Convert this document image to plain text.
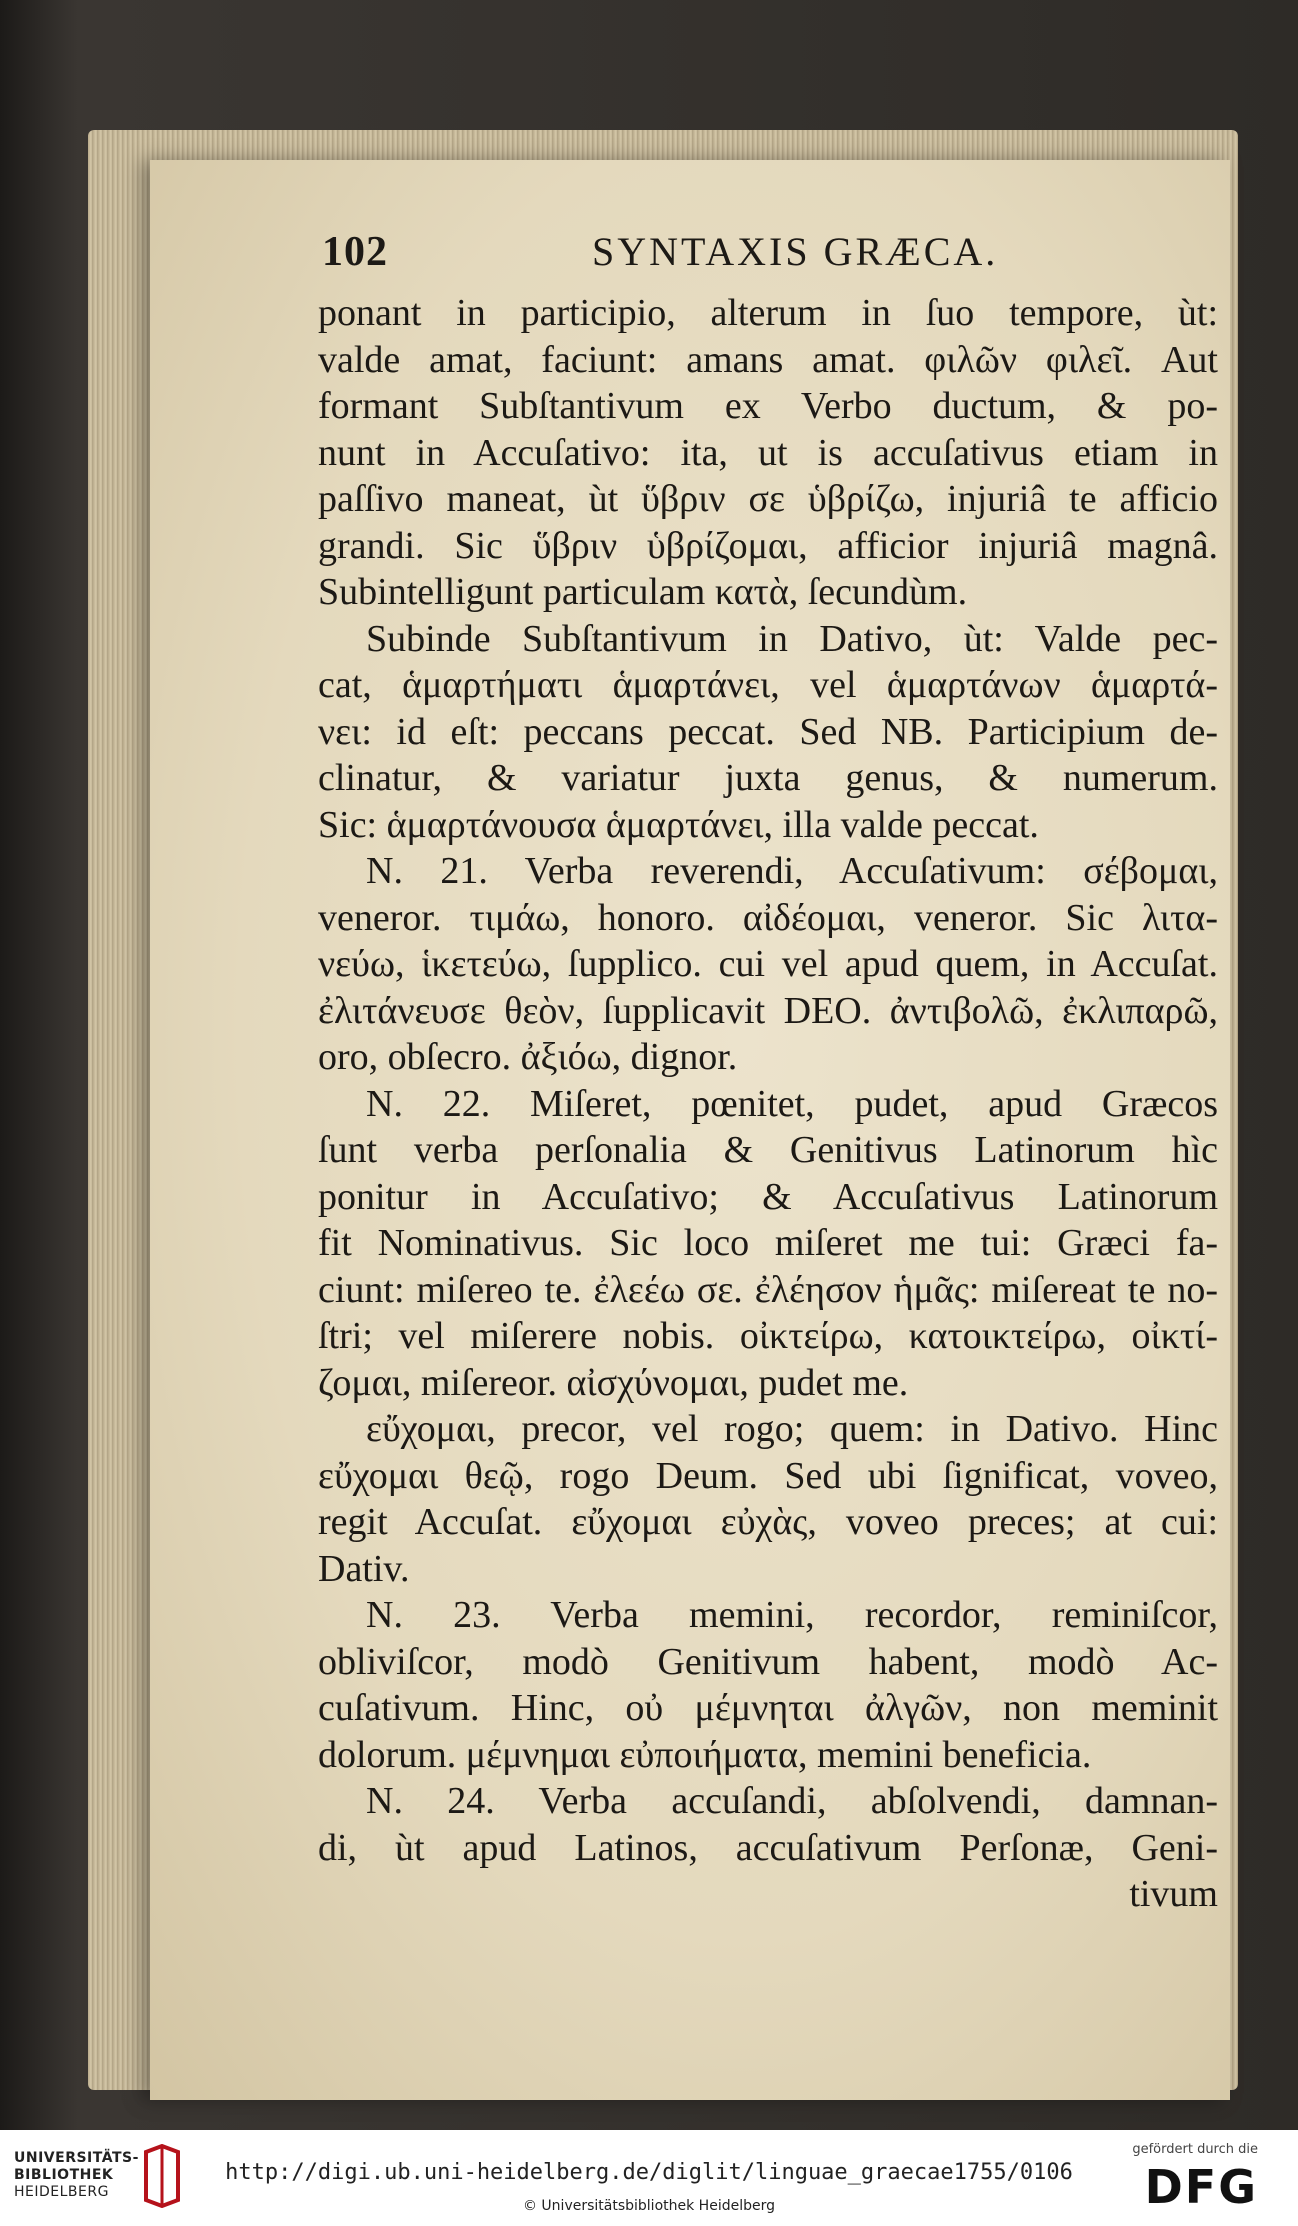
102	SYNTAXIS GRÆCA.
ponant in participio, alterum in ſuo tempore, ùt:
valde amat, faciunt: amans amat. φιλῶν φιλεῖ. Aut
formant Subſtantivum ex Verbo ductum, & po-
nunt in Accuſativo: ita, ut is accuſativus etiam in
paſſivo maneat, ùt ὕβριν σε ὑβρίζω, injuriâ te afficio
grandi. Sic ὕβριν ὑβρίζομαι, afficior injuriâ magnâ.
Subintelligunt particulam κατὰ, ſecundùm.
Subinde Subſtantivum in Dativo, ùt: Valde pec-
cat, ἁμαρτήματι ἁμαρτάνει, vel ἁμαρτάνων ἁμαρτά-
νει: id eſt: peccans peccat. Sed NB. Participium de-
clinatur, & variatur juxta genus, & numerum.
Sic: ἁμαρτάνουσα ἁμαρτάνει, illa valde peccat.
N. 21. Verba reverendi, Accuſativum: σέβομαι,
veneror. τιμάω, honoro. αἰδέομαι, veneror. Sic λιτα-
νεύω, ἱκετεύω, ſupplico. cui vel apud quem, in Accuſat.
ἐλιτάνευσε θεὸν, ſupplicavit DEO. ἀντιβολῶ, ἐκλιπαρῶ,
oro, obſecro. ἀξιόω, dignor.
N. 22. Miſeret, pœnitet, pudet, apud Græcos
ſunt verba perſonalia & Genitivus Latinorum hìc
ponitur in Accuſativo; & Accuſativus Latinorum
fit Nominativus. Sic loco miſeret me tui: Græci fa-
ciunt: miſereo te. ἐλεέω σε. ἐλέησον ἡμᾶς: miſereat te no-
ſtri; vel miſerere nobis. οἰκτείρω, κατοικτείρω, οἰκτί-
ζομαι, miſereor. αἰσχύνομαι, pudet me.
εὔχομαι, precor, vel rogo; quem: in Dativo. Hinc
εὔχομαι θεῷ, rogo Deum. Sed ubi ſignificat, voveo,
regit Accuſat. εὔχομαι εὐχὰς, voveo preces; at cui:
Dativ.
N. 23. Verba memini, recordor, reminiſcor,
obliviſcor, modò Genitivum habent, modò Ac-
cuſativum. Hinc, οὐ μέμνηται ἀλγῶν, non meminit
dolorum. μέμνημαι εὐποιήματα, memini beneficia.
N. 24. Verba accuſandi, abſolvendi, damnan-
di, ùt apud Latinos, accuſativum Perſonæ, Geni-
tivum
UNIVERSITÄTS-
BIBLIOTHEK
HEIDELBERG
http://digi.ub.uni-heidelberg.de/diglit/linguae_graecae1755/0106
© Universitätsbibliothek Heidelberg
gefördert durch die
DFG
